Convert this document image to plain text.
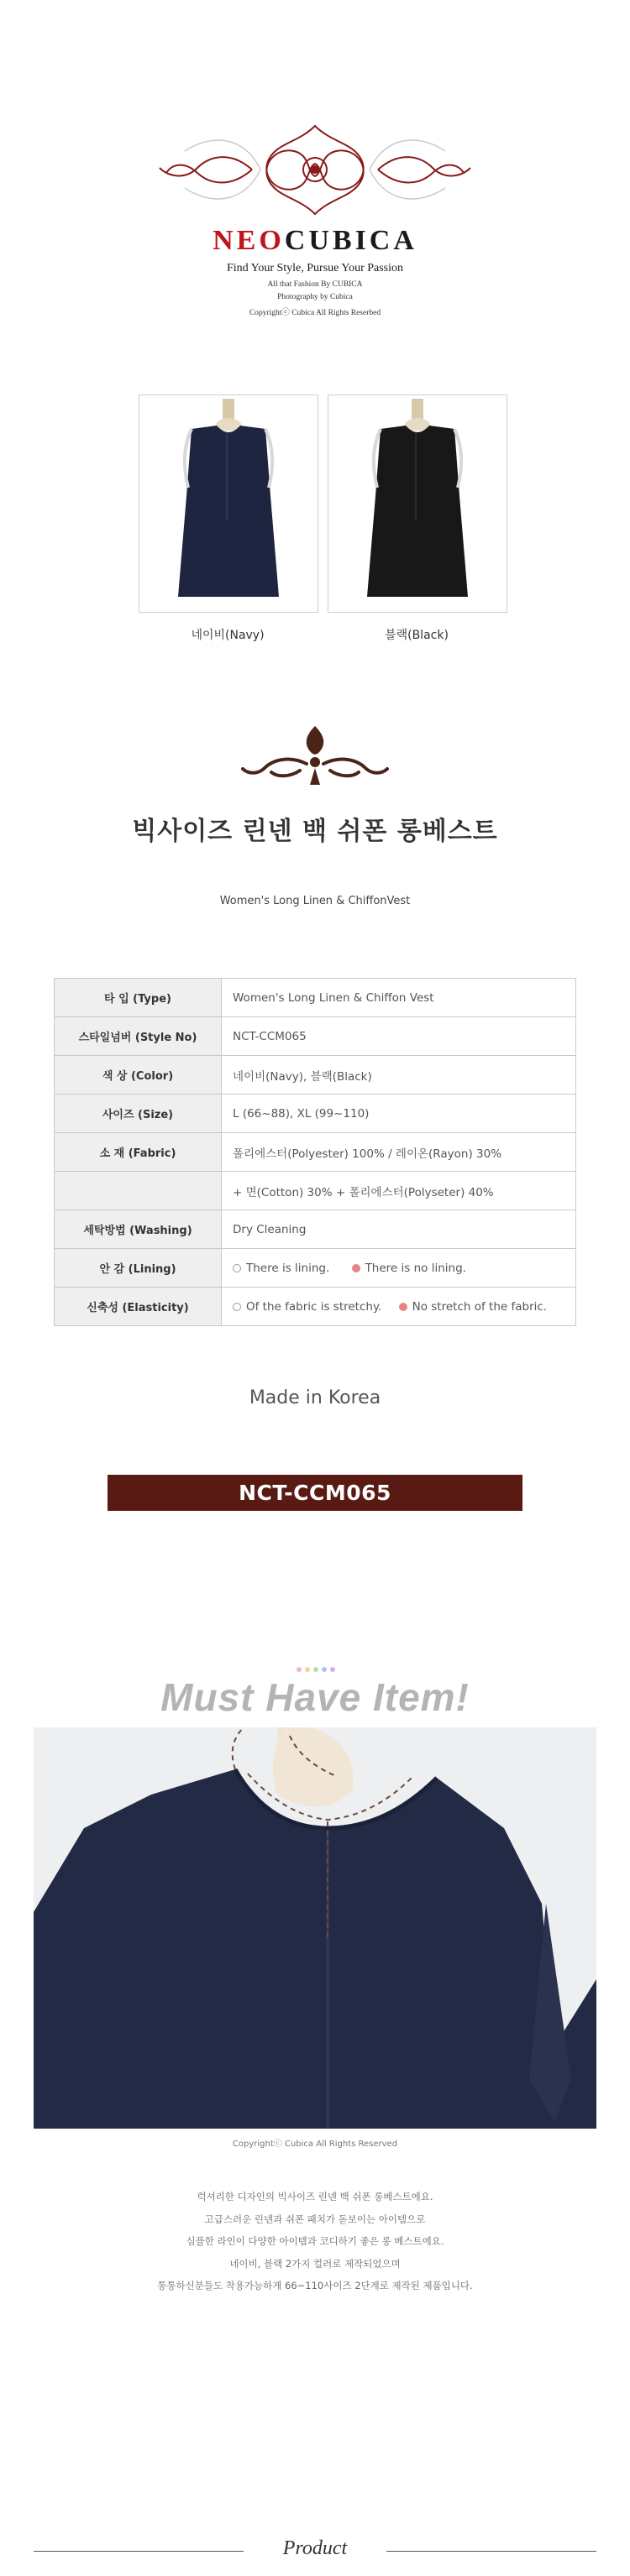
NEOCUBICA
Find Your Style, Pursue Your Passion
All that Fashion By CUBICA
Photography by Cubica
Copyrightⓒ Cubica All Rights Reserbed
네이비(Navy)	블랙(Black)
빅사이즈 린넨 백 쉬폰 롱베스트
Women's Long Linen & ChiffonVest
타 입 (Type)	Women's Long Linen & Chiffon Vest
스타일넘버 (Style No)	NCT-CCM065
색 상 (Color)	네이비(Navy), 블랙(Black)
사이즈 (Size)	L (66~88), XL (99~110)
소 재 (Fabric)	폴리에스터(Polyester) 100% / 레이온(Rayon) 30%
	+ 면(Cotton) 30% + 폴리에스터(Polyseter) 40%
세탁방법 (Washing)	Dry Cleaning
안 감 (Lining)	There is lining. There is no lining.
신축성 (Elasticity)	Of the fabric is stretchy. No stretch of the fabric.
Made in Korea
NCT-CCM065
Must Have Item!
Copyrightⓒ Cubica All Rights Reserved
럭셔리한 디자인의 빅사이즈 린넨 백 쉬폰 롱베스트에요.
고급스러운 린넨과 쉬폰 패치가 돋보이는 아이템으로
심플한 라인이 다양한 아이템과 코디하기 좋은 롱 베스트에요.
네이비, 블랙 2가지 컬러로 제작되었으며
통통하신분들도 착용가능하게 66~110사이즈 2단계로 제작된 제품입니다.
Product
